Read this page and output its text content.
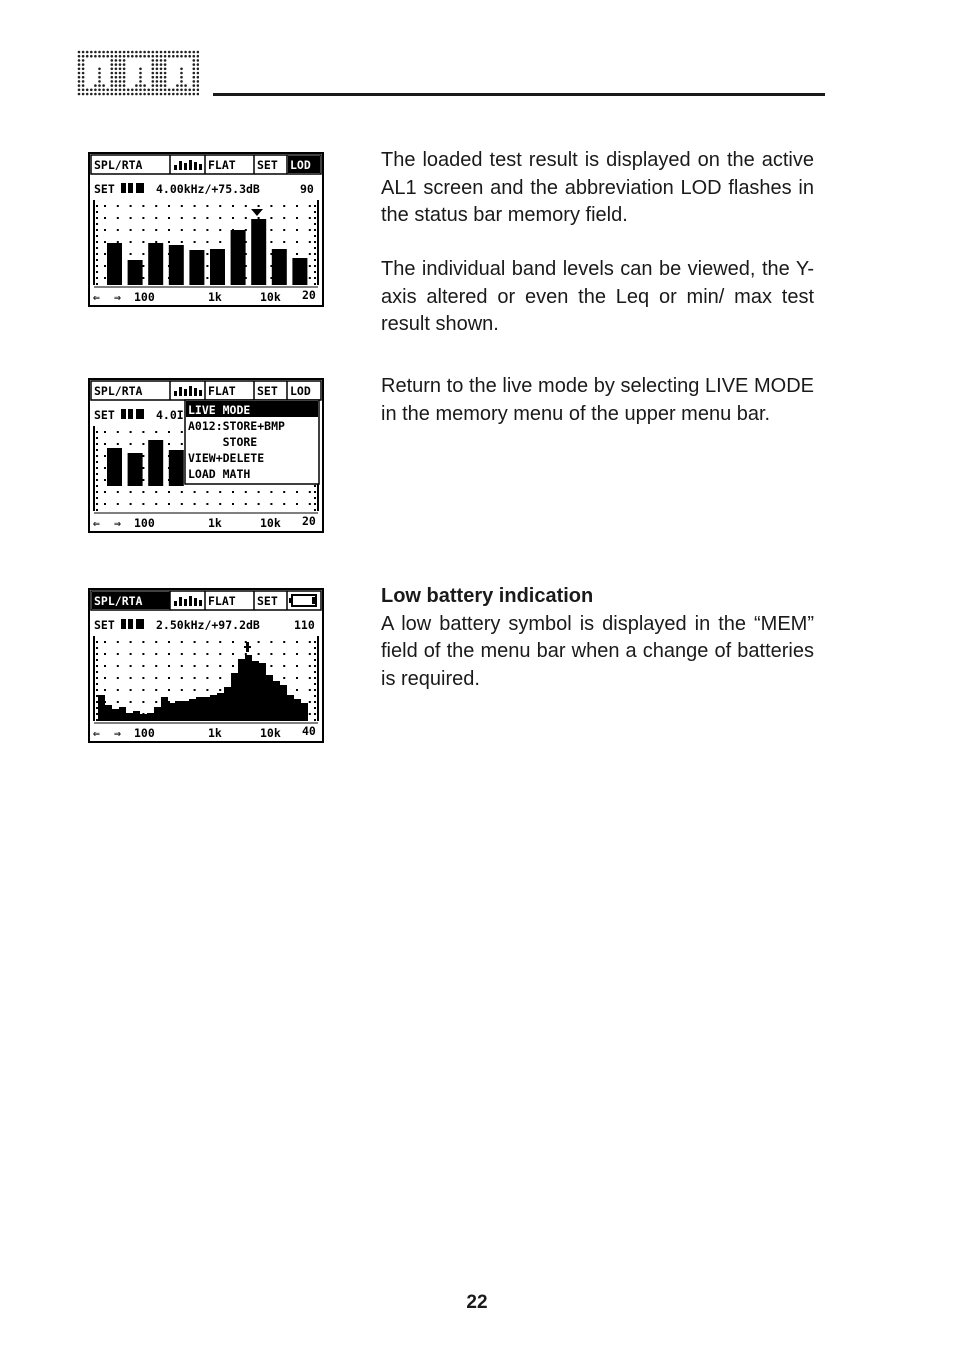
SPL/RTA	FLAT SET LOD
SET	4.00kHz/+75.3dB	90
⇐ ⇒ 100	1k	10k 20
SPL/RTA	FLAT SET LOD
SET	4.0I LIVE MODE
A012:STORE+BMP
STORE
VIEW+DELETE
LOAD MATH
⇐ ⇒ 100	1k	10k 20
SPL/RTA	FLAT SET
SET	2.50kHz/+97.2dB	110
⇐ ⇒ 100	1k	10k 40

The loaded test result is displayed on the active AL1 screen and the abbreviation LOD flashes in the status bar memory field.

The individual band levels can be viewed, the Y-axis altered or even the Leq or min/ max test result shown.

Return to the live mode by selecting LIVE MODE in the memory menu of the upper menu bar.

Low battery indication
A low battery symbol is displayed in the “MEM” field of the menu bar when a change of batteries is required.
22
